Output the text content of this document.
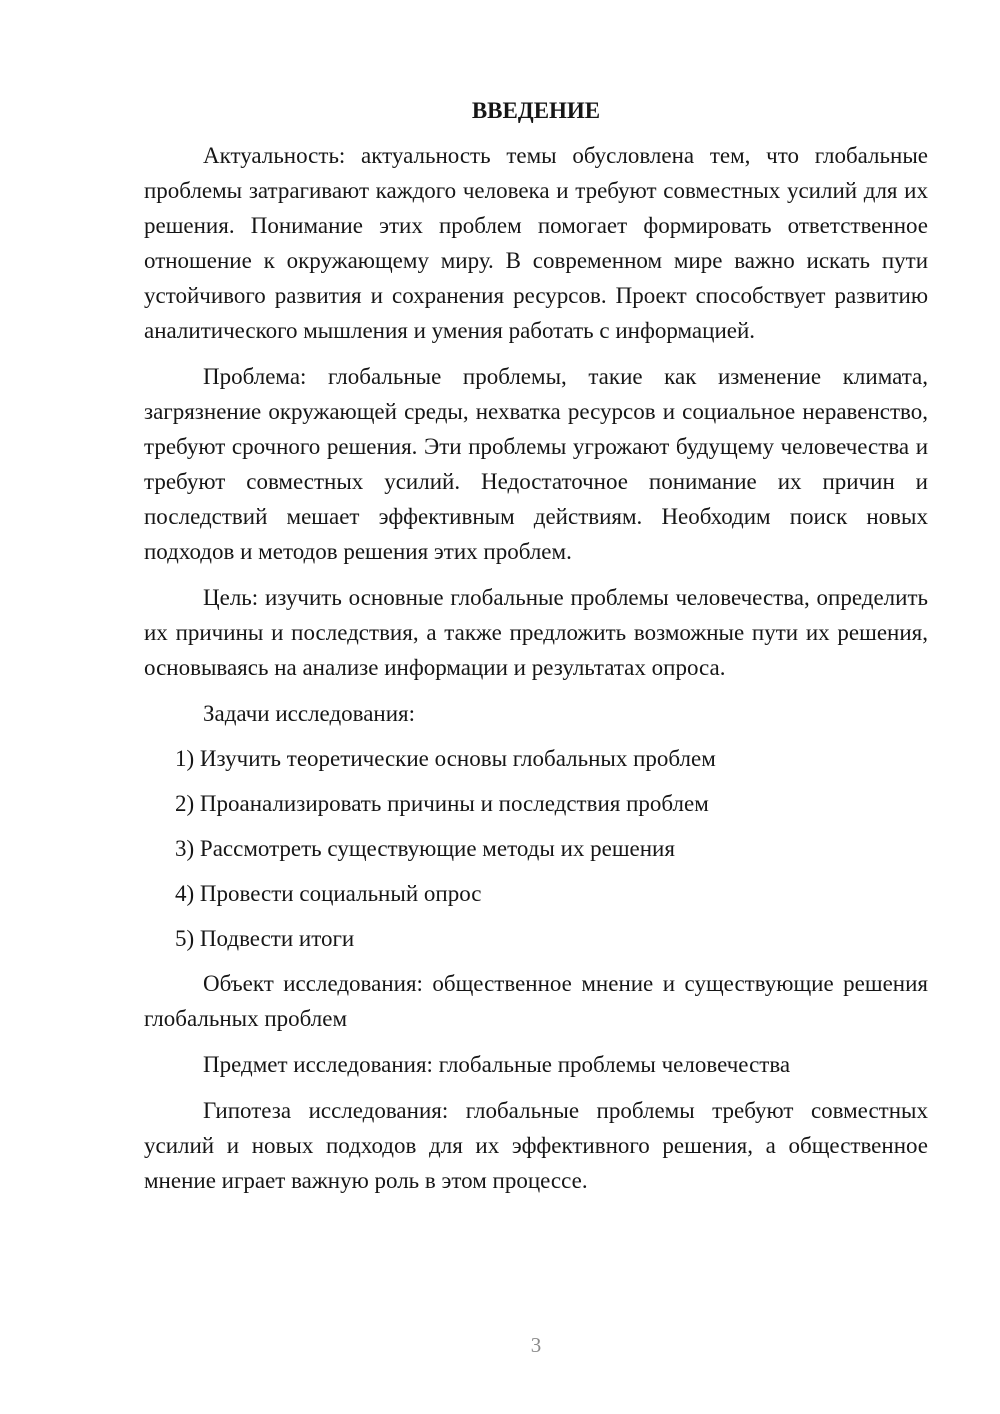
ВВЕДЕНИЕ

Актуальность: актуальность темы обусловлена тем, что глобальные проблемы затрагивают каждого человека и требуют совместных усилий для их решения. Понимание этих проблем помогает формировать ответственное отношение к окружающему миру. В современном мире важно искать пути устойчивого развития и сохранения ресурсов. Проект способствует развитию аналитического мышления и умения работать с информацией.

Проблема: глобальные проблемы, такие как изменение климата, загрязнение окружающей среды, нехватка ресурсов и социальное неравенство, требуют срочного решения. Эти проблемы угрожают будущему человечества и требуют совместных усилий. Недостаточное понимание их причин и последствий мешает эффективным действиям. Необходим поиск новых подходов и методов решения этих проблем.

Цель: изучить основные глобальные проблемы человечества, определить их причины и последствия, а также предложить возможные пути их решения, основываясь на анализе информации и результатах опроса.

Задачи исследования:

1) Изучить теоретические основы глобальных проблем
2) Проанализировать причины и последствия проблем
3) Рассмотреть существующие методы их решения
4) Провести социальный опрос
5) Подвести итоги

Объект исследования: общественное мнение и существующие решения глобальных проблем

Предмет исследования: глобальные проблемы человечества

Гипотеза исследования: глобальные проблемы требуют совместных усилий и новых подходов для их эффективного решения, а общественное мнение играет важную роль в этом процессе.

3
